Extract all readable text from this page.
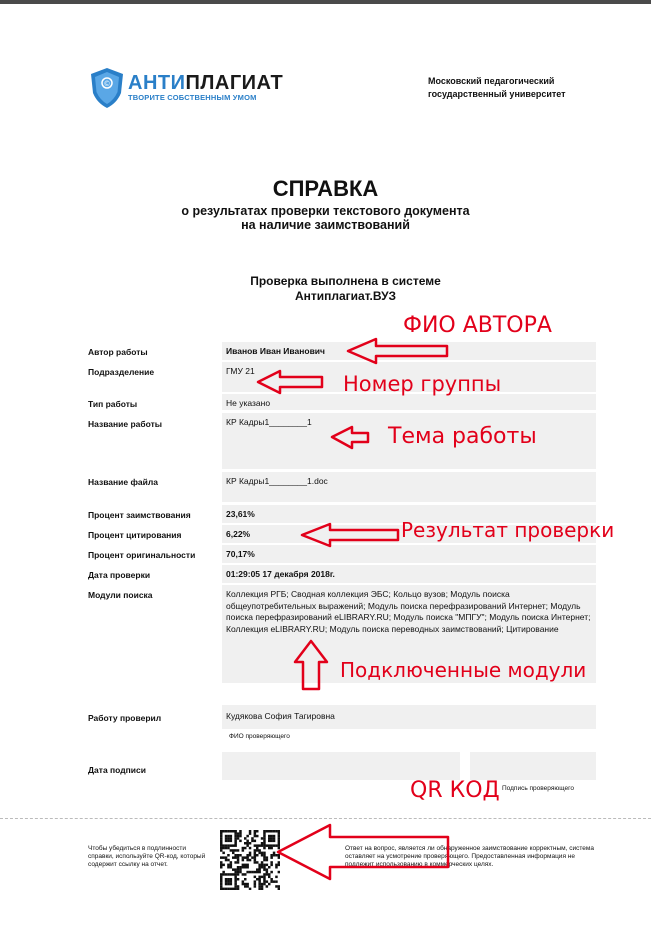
© АНТИПЛАГИАТ
ТВОРИТЕ СОБСТВЕННЫМ УМОМ
Московский педагогический государственный университет
СПРАВКА
о результатах проверки текстового документа
на наличие заимствований
Проверка выполнена в системе
Антиплагиат.ВУЗ
Автор работы	Иванов Иван Иванович
Подразделение	ГМУ 21
Тип работы	Не указано
Название работы	КР Кадры1________1
Название файла	КР Кадры1________1.doc
Процент заимствования	23,61%
Процент цитирования	6,22%
Процент оригинальности	70,17%
Дата проверки	01:29:05 17 декабря 2018г.
Модули поиска	Коллекция РГБ; Сводная коллекция ЭБС; Кольцо вузов; Модуль поиска общеупотребительных выражений; Модуль поиска перефразирований Интернет; Модуль поиска перефразирований eLIBRARY.RU; Модуль поиска "МПГУ"; Модуль поиска Интернет; Коллекция eLIBRARY.RU; Модуль поиска переводных заимствований; Цитирование
Работу проверил	Кудякова София Тагировна
ФИО проверяющего
Дата подписи
Подпись проверяющего
Чтобы убедиться в подлинности справки, используйте QR-код, который содержит ссылку на отчет.
Ответ на вопрос, является ли обнаруженное заимствование корректным, система оставляет на усмотрение проверяющего. Предоставленная информация не подлежит использованию в коммерческих целях.
ФИО АВТОРА
Номер группы
Тема работы
Результат проверки
Подключенные модули
QR КОД
